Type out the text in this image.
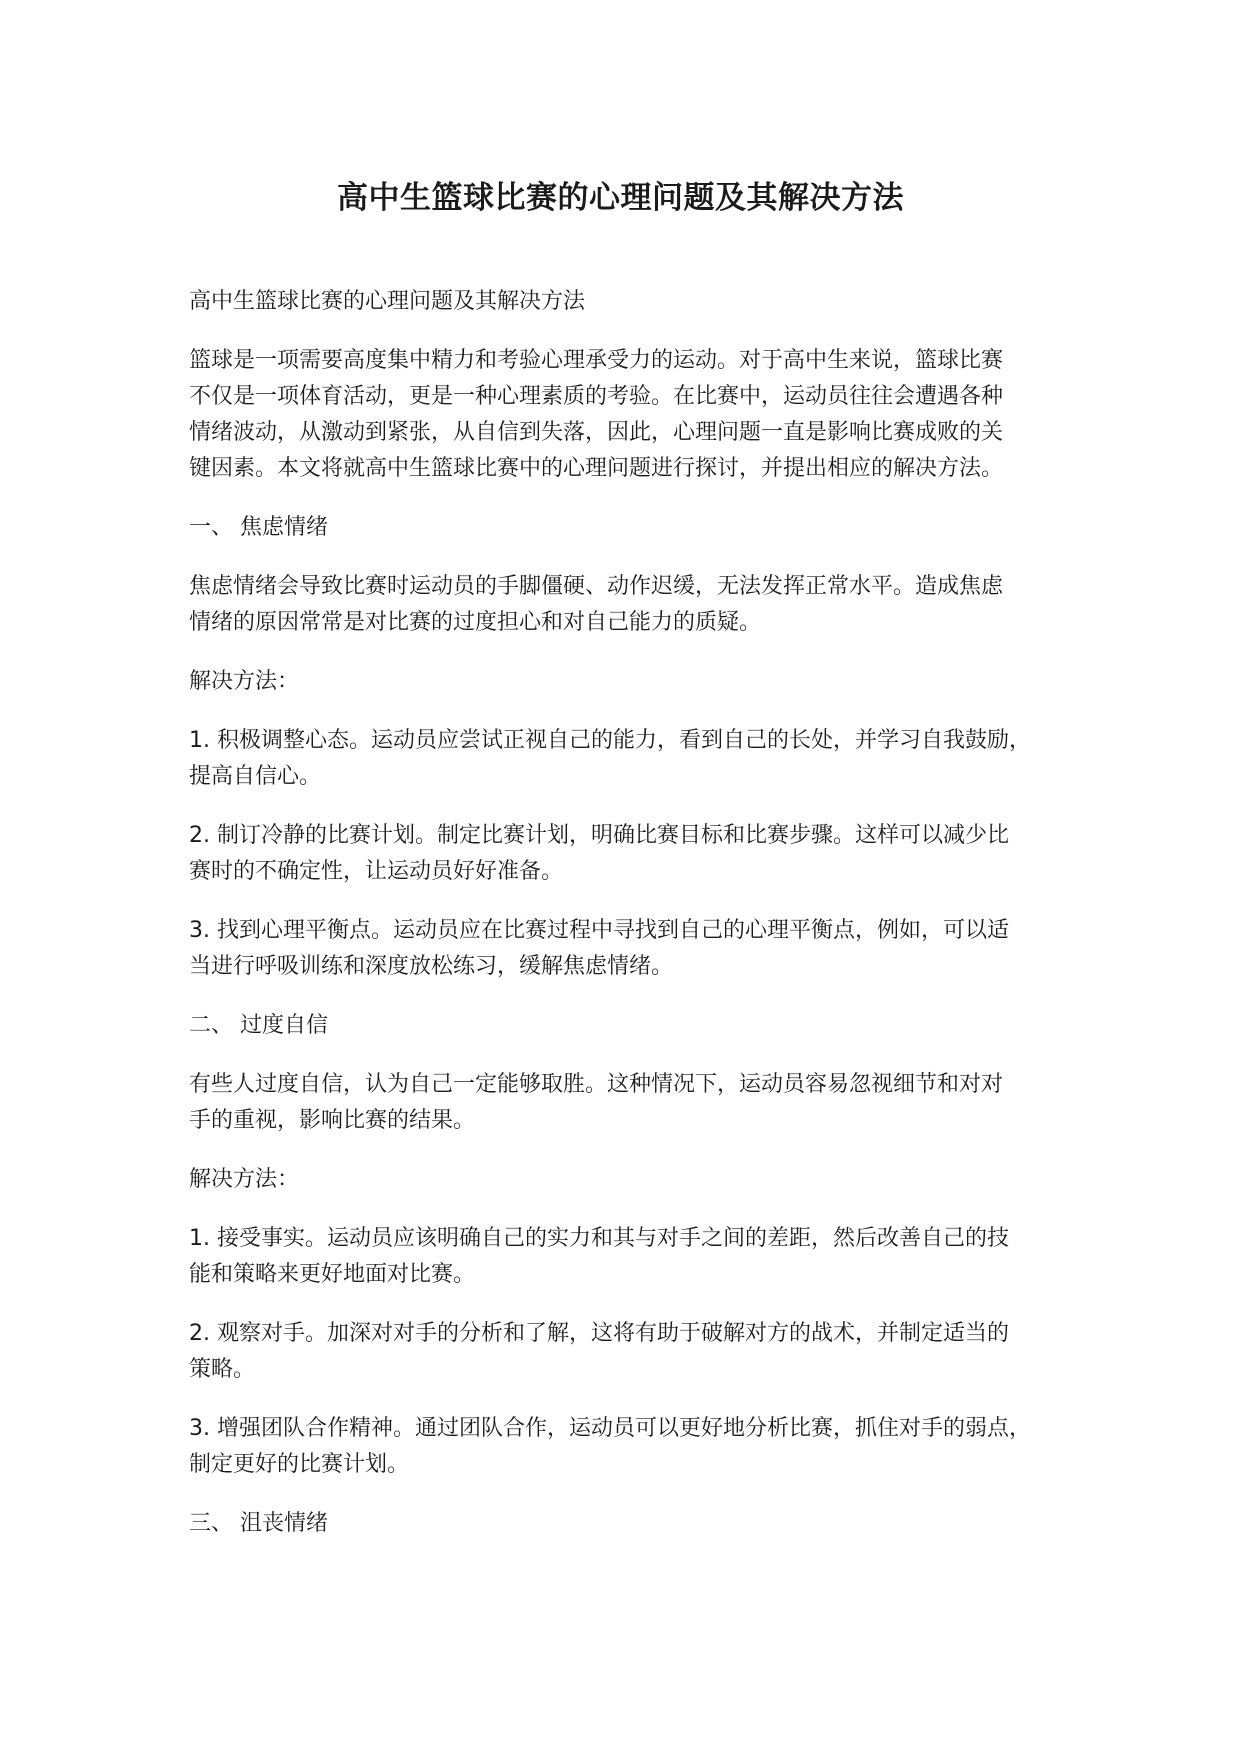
高中生篮球比赛的心理问题及其解决方法

高中生篮球比赛的心理问题及其解决方法

篮球是一项需要高度集中精力和考验心理承受力的运动。对于高中生来说，篮球比赛
不仅是一项体育活动，更是一种心理素质的考验。在比赛中，运动员往往会遭遇各种
情绪波动，从激动到紧张，从自信到失落，因此，心理问题一直是影响比赛成败的关
键因素。本文将就高中生篮球比赛中的心理问题进行探讨，并提出相应的解决方法。

一、 焦虑情绪

焦虑情绪会导致比赛时运动员的手脚僵硬、动作迟缓，无法发挥正常水平。造成焦虑
情绪的原因常常是对比赛的过度担心和对自己能力的质疑。

解决方法：

1. 积极调整心态。运动员应尝试正视自己的能力，看到自己的长处，并学习自我鼓励，
提高自信心。

2. 制订冷静的比赛计划。制定比赛计划，明确比赛目标和比赛步骤。这样可以减少比
赛时的不确定性，让运动员好好准备。

3. 找到心理平衡点。运动员应在比赛过程中寻找到自己的心理平衡点，例如，可以适
当进行呼吸训练和深度放松练习，缓解焦虑情绪。

二、 过度自信

有些人过度自信，认为自己一定能够取胜。这种情况下，运动员容易忽视细节和对对
手的重视，影响比赛的结果。

解决方法：

1. 接受事实。运动员应该明确自己的实力和其与对手之间的差距，然后改善自己的技
能和策略来更好地面对比赛。

2. 观察对手。加深对对手的分析和了解，这将有助于破解对方的战术，并制定适当的
策略。

3. 增强团队合作精神。通过团队合作，运动员可以更好地分析比赛，抓住对手的弱点，
制定更好的比赛计划。

三、 沮丧情绪
